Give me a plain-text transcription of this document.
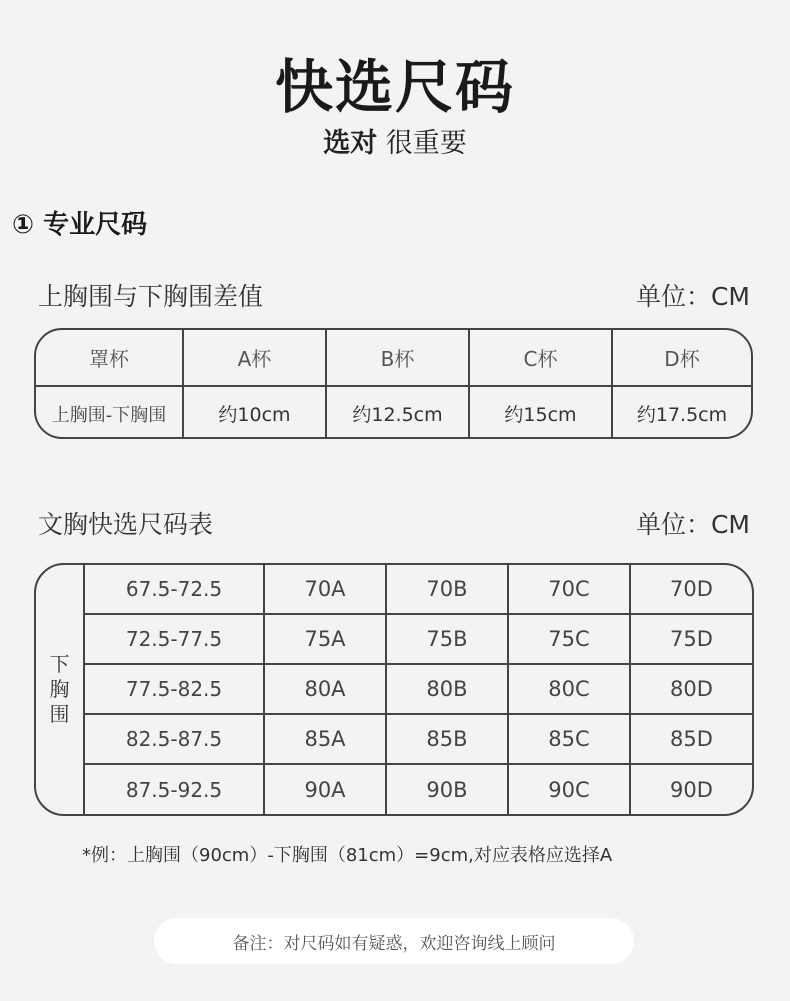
快选尺码
选对 很重要
① 专业尺码
上胸围与下胸围差值	单位：CM
罩杯	A杯	B杯	C杯	D杯
上胸围-下胸围	约10cm	约12.5cm	约15cm	约17.5cm
文胸快选尺码表	单位：CM
下胸围
67.5-72.5	70A	70B	70C	70D
72.5-77.5	75A	75B	75C	75D
77.5-82.5	80A	80B	80C	80D
82.5-87.5	85A	85B	85C	85D
87.5-92.5	90A	90B	90C	90D
*例：上胸围（90cm）-下胸围（81cm）=9cm,对应表格应选择A
备注：对尺码如有疑惑，欢迎咨询线上顾问
